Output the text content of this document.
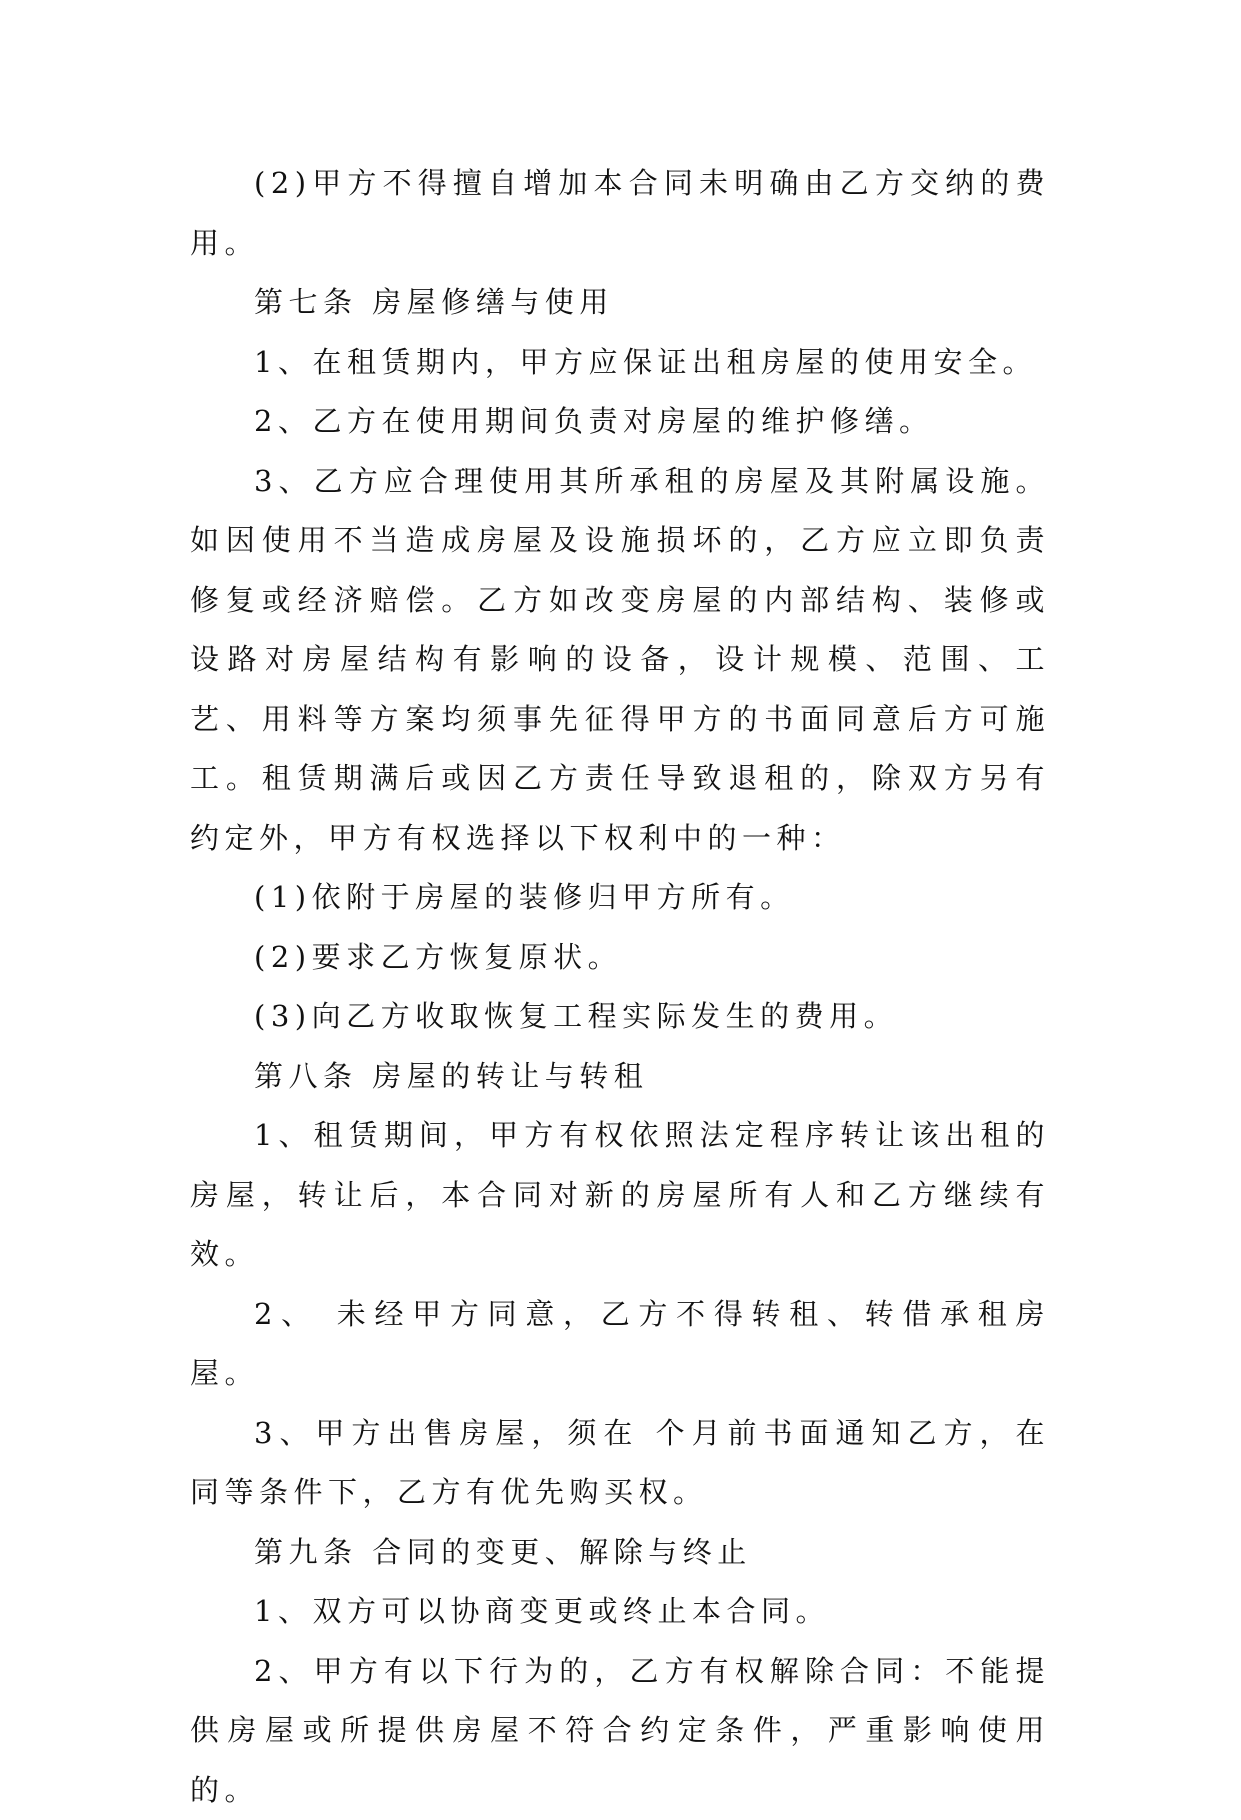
(2)甲方不得擅自增加本合同未明确由乙方交纳的费用。

第七条 房屋修缮与使用

1、在租赁期内，甲方应保证出租房屋的使用安全。

2、乙方在使用期间负责对房屋的维护修缮。

3、乙方应合理使用其所承租的房屋及其附属设施。如因使用不当造成房屋及设施损坏的，乙方应立即负责修复或经济赔偿。乙方如改变房屋的内部结构、装修或设路对房屋结构有影响的设备，设计规模、范围、工艺、用料等方案均须事先征得甲方的书面同意后方可施工。租赁期满后或因乙方责任导致退租的，除双方另有约定外，甲方有权选择以下权利中的一种：

(1)依附于房屋的装修归甲方所有。

(2)要求乙方恢复原状。

(3)向乙方收取恢复工程实际发生的费用。

第八条 房屋的转让与转租

1、租赁期间，甲方有权依照法定程序转让该出租的房屋，转让后，本合同对新的房屋所有人和乙方继续有效。

2、 未经甲方同意，乙方不得转租、转借承租房屋。

3、甲方出售房屋，须在 个月前书面通知乙方，在同等条件下，乙方有优先购买权。

第九条 合同的变更、解除与终止

1、双方可以协商变更或终止本合同。

2、甲方有以下行为的，乙方有权解除合同：不能提供房屋或所提供房屋不符合约定条件，严重影响使用的。
